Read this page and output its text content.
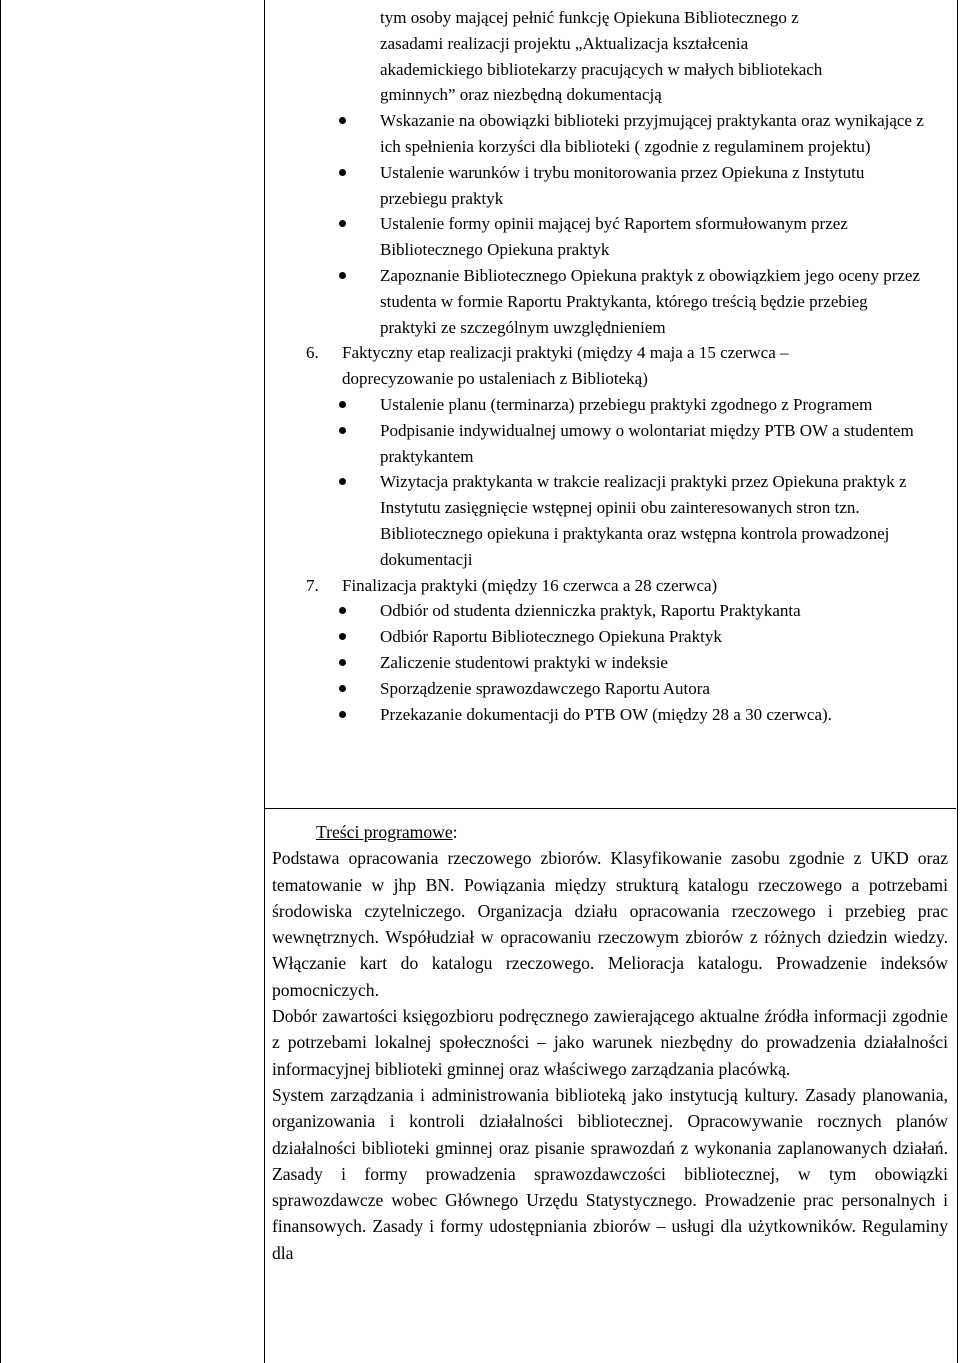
tym osoby mającej pełnić funkcję Opiekuna Bibliotecznego z

zasadami realizacji projektu „Aktualizacja kształcenia

akademickiego bibliotekarzy pracujących w małych bibliotekach

gminnych” oraz niezbędną dokumentacją

Wskazanie na obowiązki biblioteki przyjmującej praktykanta oraz wynikające z ich spełnienia korzyści dla biblioteki ( zgodnie z regulaminem projektu)
Ustalenie warunków i trybu monitorowania przez Opiekuna z Instytutu przebiegu praktyk
Ustalenie formy opinii mającej być Raportem sformułowanym przez Bibliotecznego Opiekuna praktyk
Zapoznanie Bibliotecznego Opiekuna praktyk z obowiązkiem jego oceny przez studenta w formie Raportu Praktykanta, którego treścią będzie przebieg praktyki ze szczególnym uwzględnieniem
6. Faktyczny etap realizacji praktyki (między 4 maja a 15 czerwca –

doprecyzowanie po ustaleniach z Biblioteką)

Ustalenie planu (terminarza) przebiegu praktyki zgodnego z Programem
Podpisanie indywidualnej umowy o wolontariat między PTB OW a studentem praktykantem
Wizytacja praktykanta w trakcie realizacji praktyki przez Opiekuna praktyk z Instytutu zasięgnięcie wstępnej opinii obu zainteresowanych stron tzn. Bibliotecznego opiekuna i praktykanta oraz wstępna kontrola prowadzonej dokumentacji
7. Finalizacja praktyki (między 16 czerwca a 28 czerwca)

Odbiór od studenta dzienniczka praktyk, Raportu Praktykanta
Odbiór Raportu Bibliotecznego Opiekuna Praktyk
Zaliczenie studentowi praktyki w indeksie
Sporządzenie sprawozdawczego Raportu Autora
Przekazanie dokumentacji do PTB OW (między 28 a 30 czerwca).

Treści programowe:

Podstawa opracowania rzeczowego zbiorów. Klasyfikowanie zasobu zgodnie z UKD oraz tematowanie w jhp BN. Powiązania między strukturą katalogu rzeczowego a potrzebami środowiska czytelniczego. Organizacja działu opracowania rzeczowego i przebieg prac wewnętrznych. Współudział w opracowaniu rzeczowym zbiorów z różnych dziedzin wiedzy. Włączanie kart do katalogu rzeczowego. Melioracja katalogu. Prowadzenie indeksów pomocniczych.

Dobór zawartości księgozbioru podręcznego zawierającego aktualne źródła informacji zgodnie z potrzebami lokalnej społeczności – jako warunek niezbędny do prowadzenia działalności informacyjnej biblioteki gminnej oraz właściwego zarządzania placówką.

System zarządzania i administrowania biblioteką jako instytucją kultury. Zasady planowania, organizowania i kontroli działalności bibliotecznej. Opracowywanie rocznych planów działalności biblioteki gminnej oraz pisanie sprawozdań z wykonania zaplanowanych działań. Zasady i formy prowadzenia sprawozdawczości bibliotecznej, w tym obowiązki sprawozdawcze wobec Głównego Urzędu Statystycznego. Prowadzenie prac personalnych i finansowych. Zasady i formy udostępniania zbiorów – usługi dla użytkowników. Regulaminy dla
